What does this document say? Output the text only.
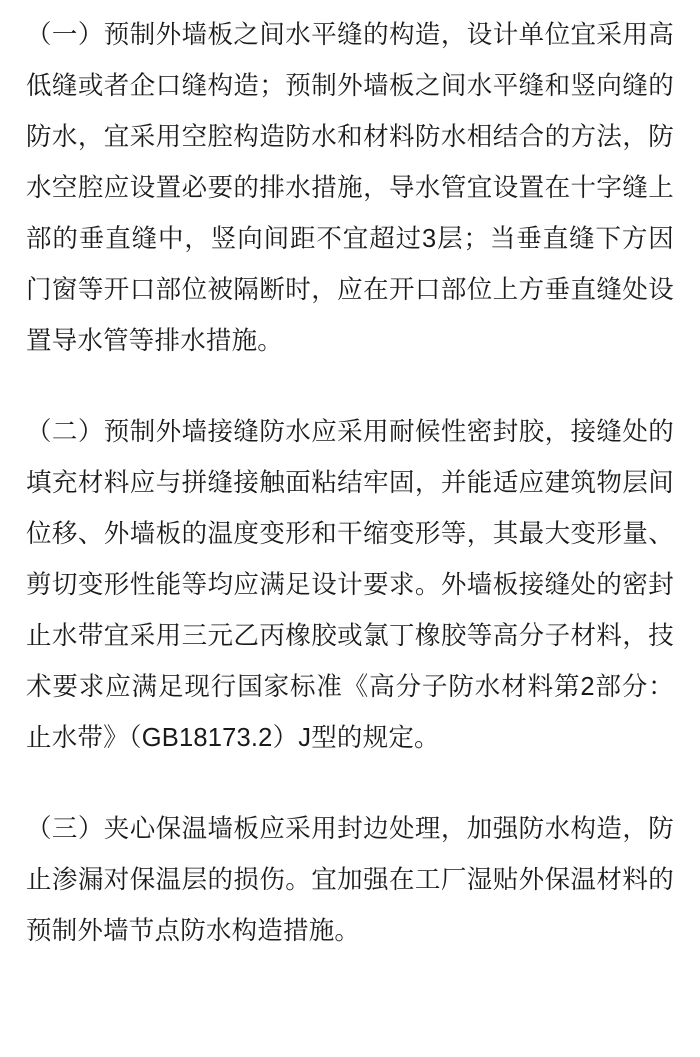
（一）预制外墙板之间水平缝的构造，设计单位宜采用高低缝或者企口缝构造；预制外墙板之间水平缝和竖向缝的防水，宜采用空腔构造防水和材料防水相结合的方法，防水空腔应设置必要的排水措施，导水管宜设置在十字缝上部的垂直缝中，竖向间距不宜超过3层；当垂直缝下方因门窗等开口部位被隔断时，应在开口部位上方垂直缝处设置导水管等排水措施。

（二）预制外墙接缝防水应采用耐候性密封胶，接缝处的填充材料应与拼缝接触面粘结牢固，并能适应建筑物层间位移、外墙板的温度变形和干缩变形等，其最大变形量、剪切变形性能等均应满足设计要求。外墙板接缝处的密封止水带宜采用三元乙丙橡胶或氯丁橡胶等高分子材料，技术要求应满足现行国家标准《高分子防水材料第2部分：止水带》（GB18173.2）J型的规定。

（三）夹心保温墙板应采用封边处理，加强防水构造，防止渗漏对保温层的损伤。宜加强在工厂湿贴外保温材料的预制外墙节点防水构造措施。
